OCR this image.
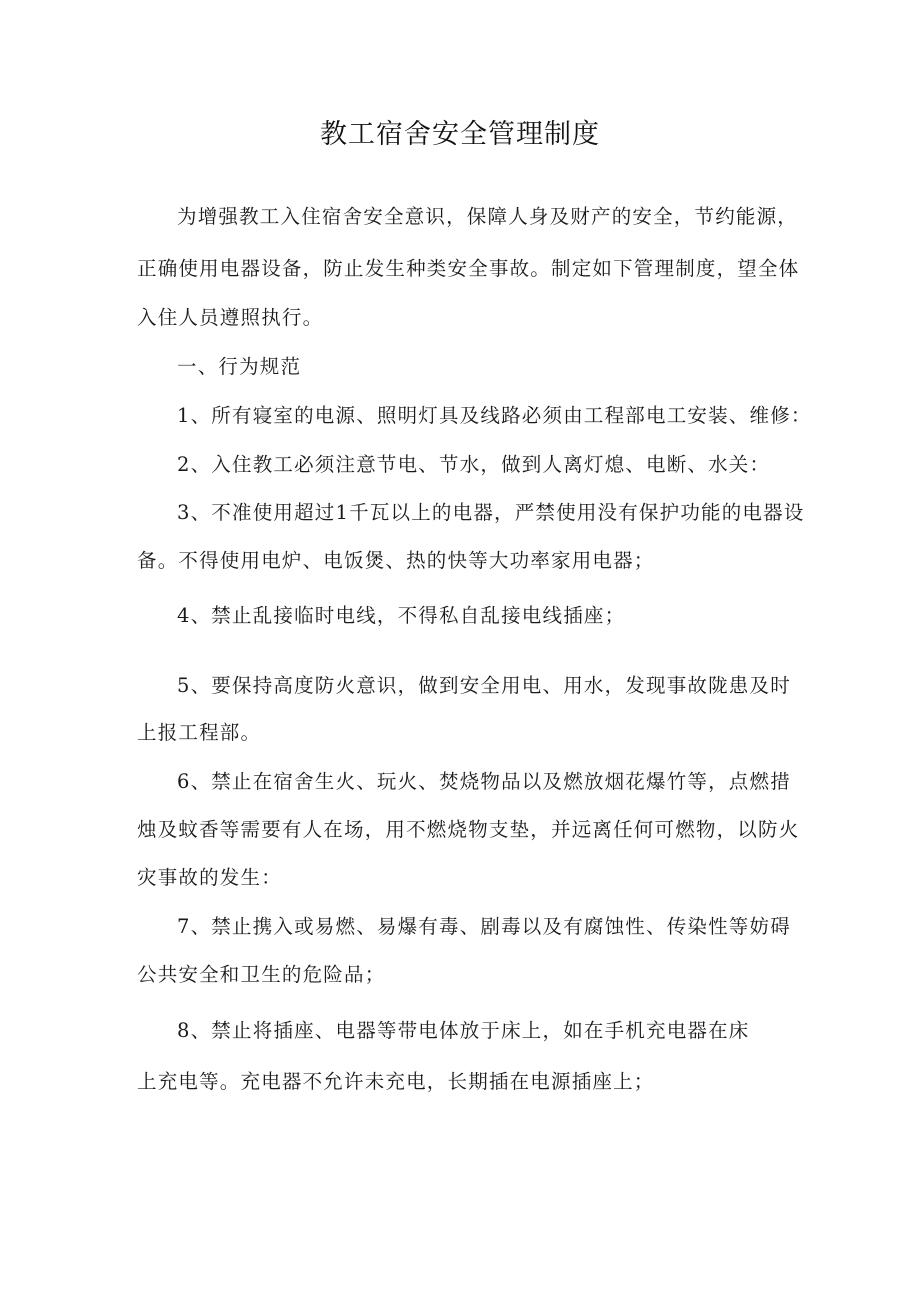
教工宿舍安全管理制度
为增强教工入住宿舍安全意识，保障人身及财产的安全，节约能源，
正确使用电器设备，防止发生种类安全事故。制定如下管理制度，望全体
入住人员遵照执行。
一、行为规范
1、所有寝室的电源、照明灯具及线路必须由工程部电工安装、维修：
2、入住教工必须注意节电、节水，做到人离灯熄、电断、水关：
3、不准使用超过1千瓦以上的电器，严禁使用没有保护功能的电器设
备。不得使用电炉、电饭煲、热的快等大功率家用电器；
4、禁止乱接临时电线，不得私自乱接电线插座；
5、要保持高度防火意识，做到安全用电、用水，发现事故陇患及时
上报工程部。
6、禁止在宿舍生火、玩火、焚烧物品以及燃放烟花爆竹等，点燃措
烛及蚊香等需要有人在场，用不燃烧物支垫，并远离任何可燃物，以防火
灾事故的发生：
7、禁止携入或易燃、易爆有毒、剧毒以及有腐蚀性、传染性等妨碍
公共安全和卫生的危险品；
8、禁止将插座、电器等带电体放于床上，如在手机充电器在床
上充电等。充电器不允许未充电，长期插在电源插座上；
